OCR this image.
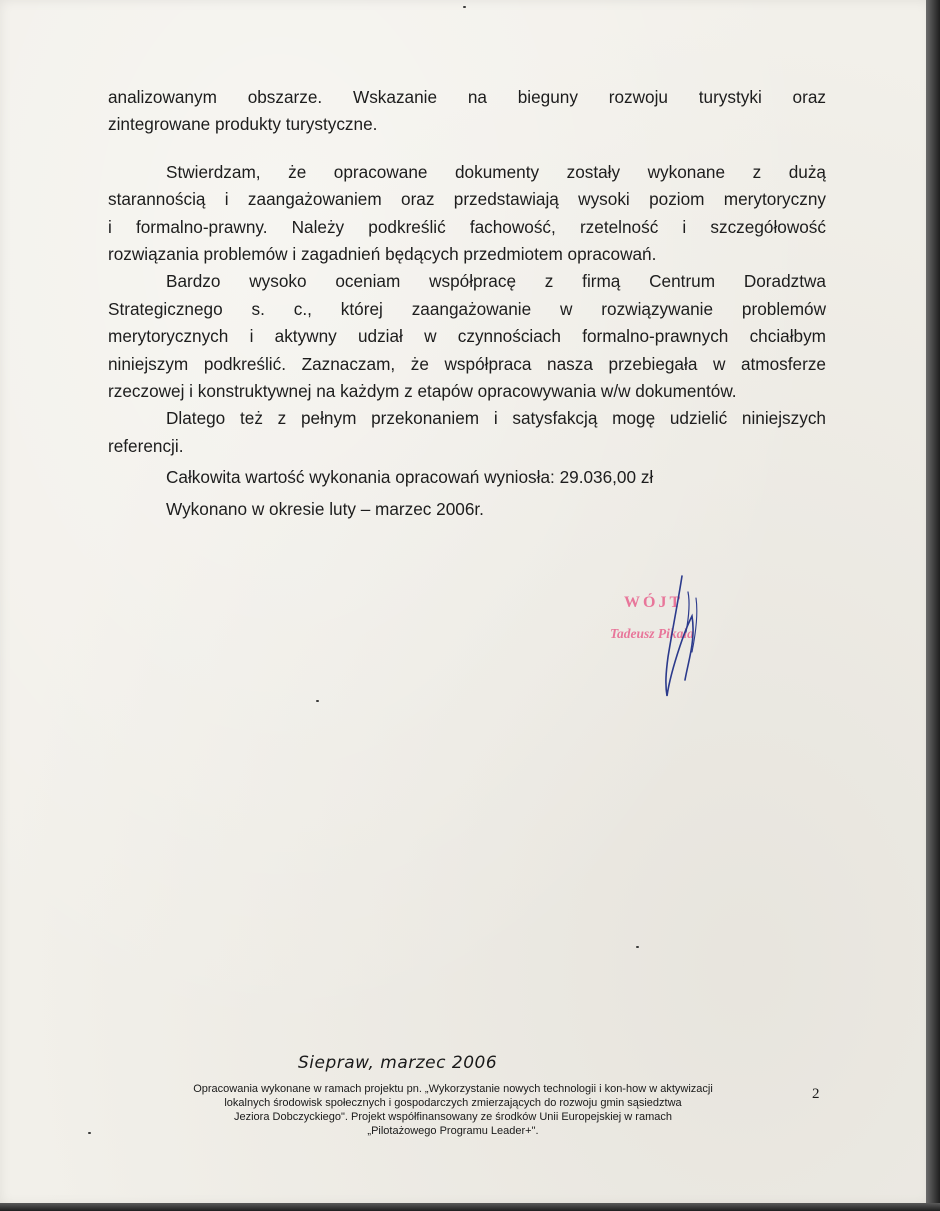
analizowanym obszarze. Wskazanie na bieguny rozwoju turystyki oraz
zintegrowane produkty turystyczne.

Stwierdzam, że opracowane dokumenty zostały wykonane z dużą
starannością i zaangażowaniem oraz przedstawiają wysoki poziom merytoryczny
i formalno-prawny. Należy podkreślić fachowość, rzetelność i szczegółowość
rozwiązania problemów i zagadnień będących przedmiotem opracowań.

Bardzo wysoko oceniam współpracę z firmą Centrum Doradztwa
Strategicznego s. c., której zaangażowanie w rozwiązywanie problemów
merytorycznych i aktywny udział w czynnościach formalno-prawnych chciałbym
niniejszym podkreślić. Zaznaczam, że współpraca nasza przebiegała w atmosferze
rzeczowej i konstruktywnej na każdym z etapów opracowywania w/w dokumentów.

Dlatego też z pełnym przekonaniem i satysfakcją mogę udzielić niniejszych
referencji.

Całkowita wartość wykonania opracowań wyniosła: 29.036,00 zł

Wykonano w okresie luty – marzec 2006r.

WÓJT
Tadeusz Pikala
Siepraw, marzec 2006
Opracowania wykonane w ramach projektu pn. „Wykorzystanie nowych technologii i kon-how w aktywizacji
lokalnych środowisk społecznych i gospodarczych zmierzających do rozwoju gmin sąsiedztwa
Jeziora Dobczyckiego". Projekt współfinansowany ze środków Unii Europejskiej w ramach
„Pilotażowego Programu Leader+".
2
